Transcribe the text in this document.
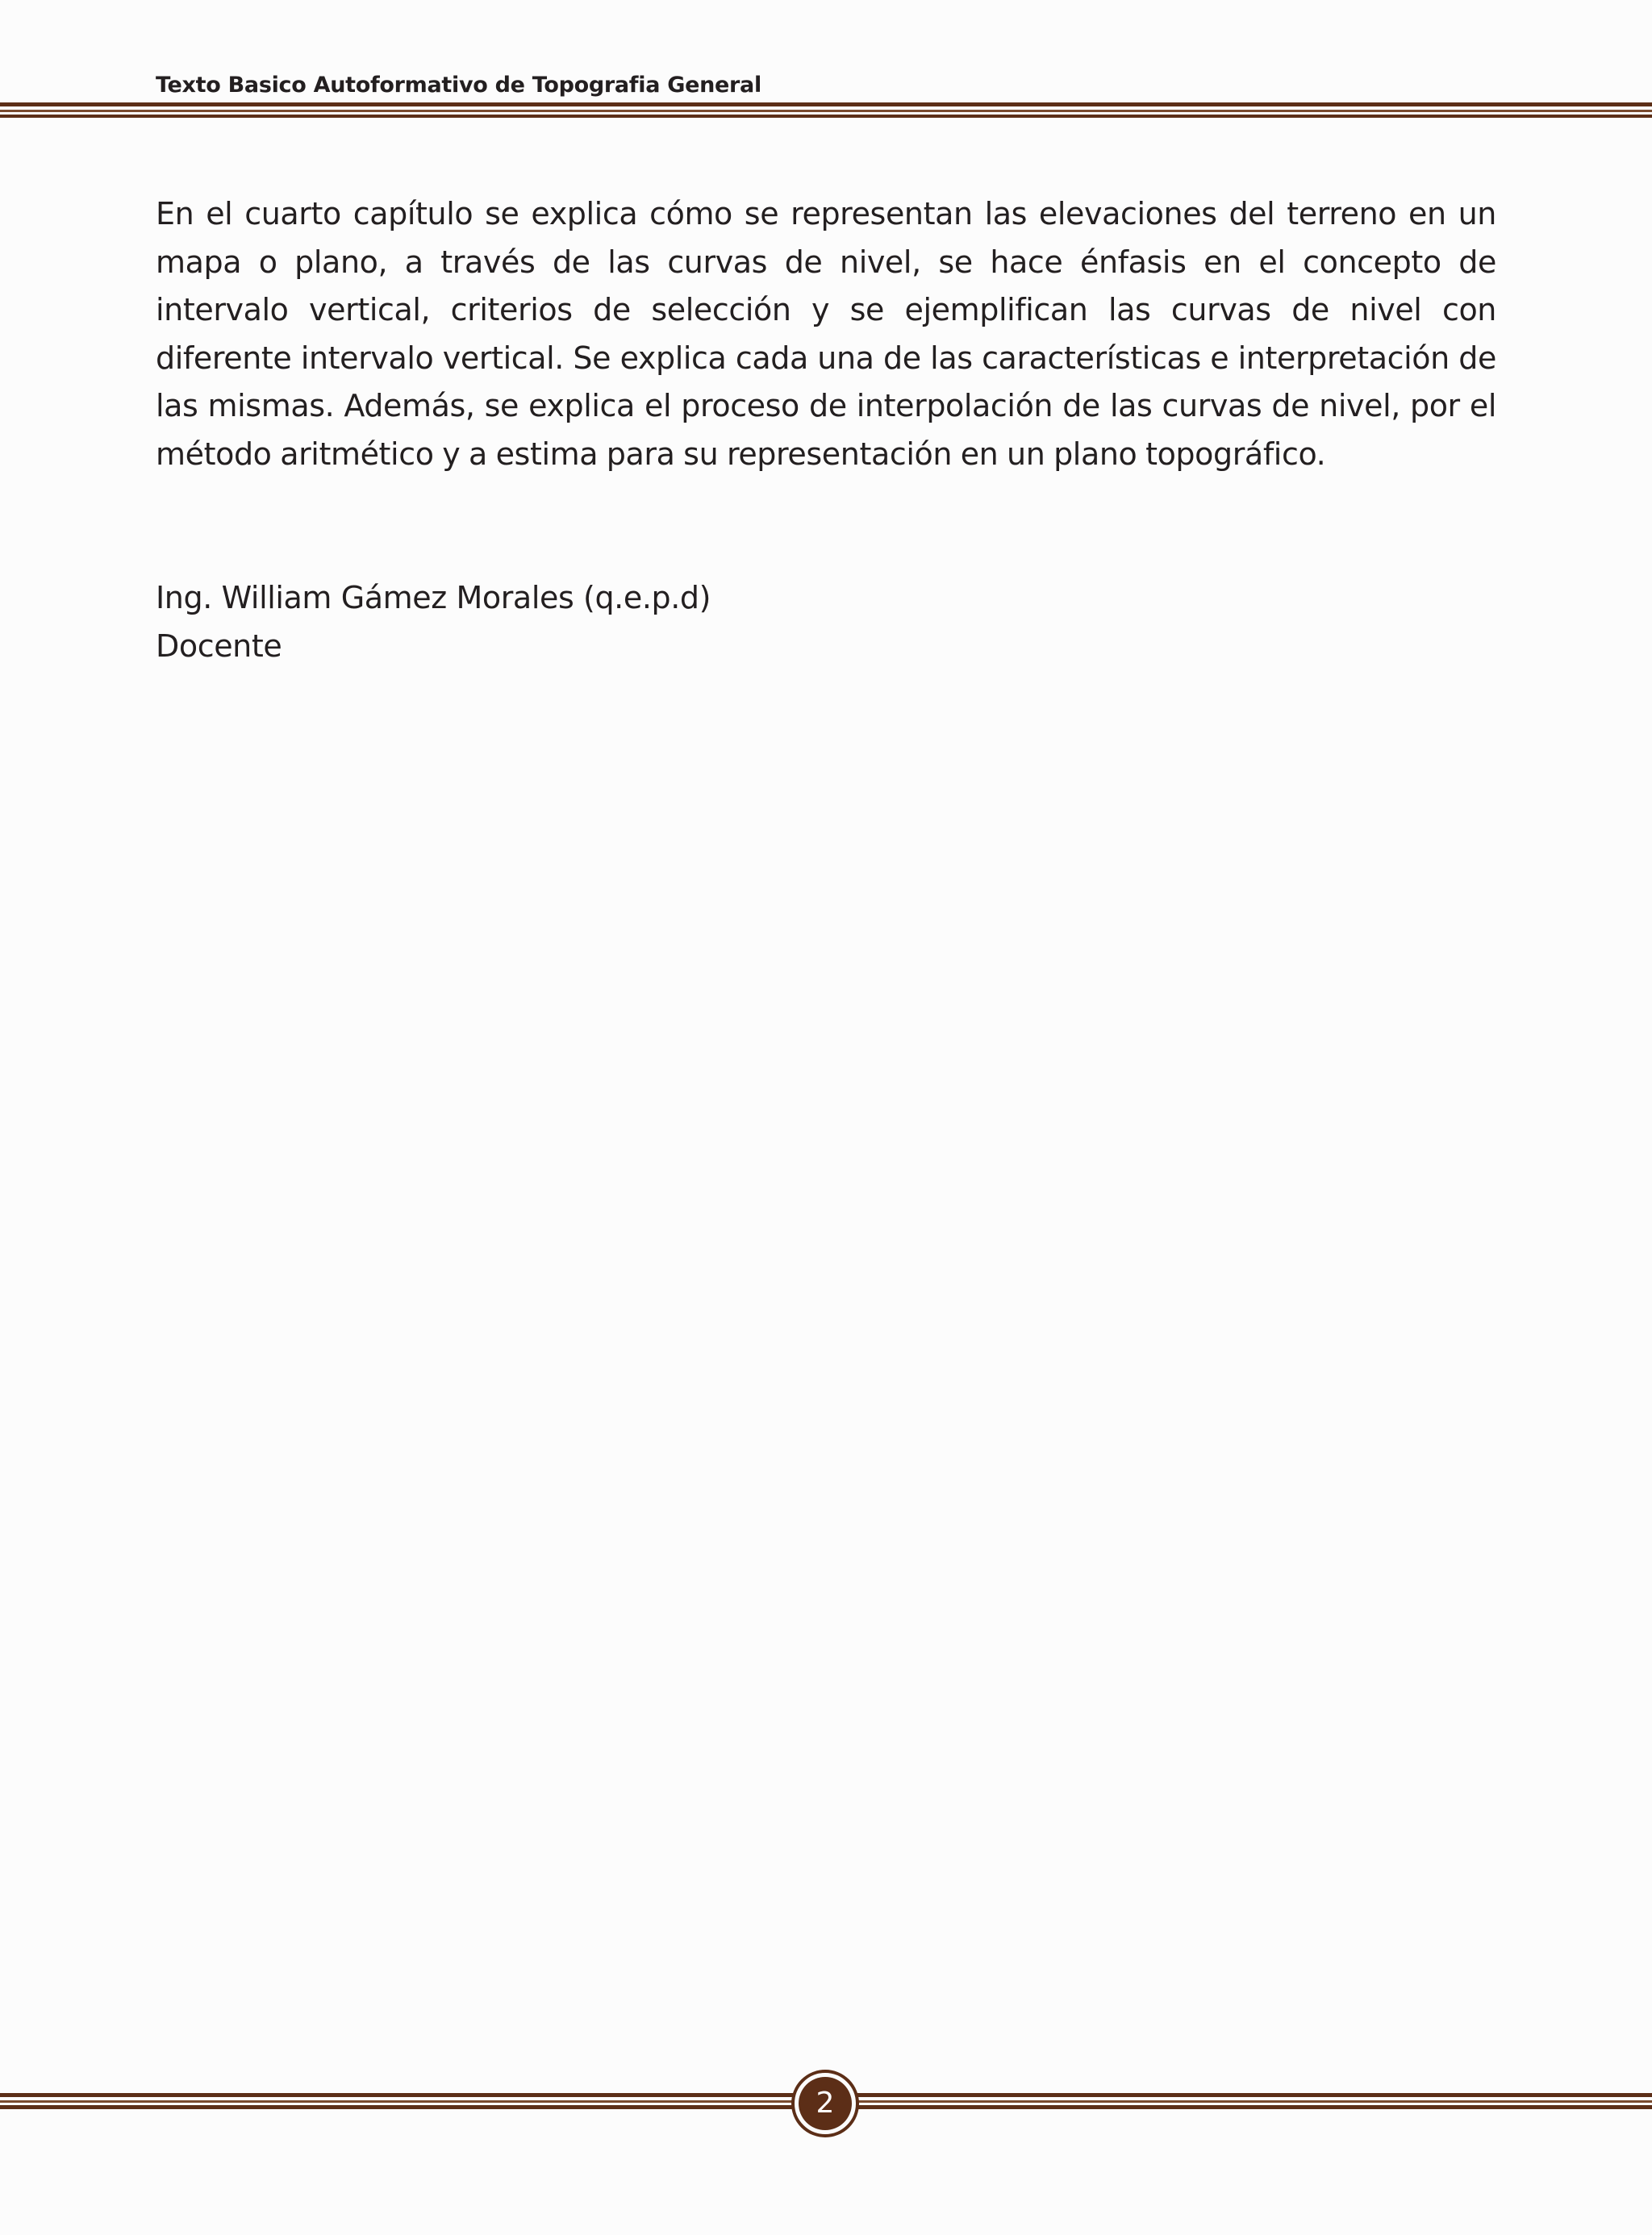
Texto Basico Autoformativo de Topografia General

En el cuarto capítulo se explica cómo se representan las elevaciones del terreno en un mapa o plano, a través de las curvas de nivel, se hace énfasis en el concepto de intervalo vertical, criterios de selección y se ejemplifican las curvas de nivel con diferente intervalo vertical. Se explica cada una de las características e interpretación de las mismas. Además, se explica el proceso de interpolación de las curvas de nivel, por el método aritmético y a estima para su representación en un plano topográfico.

Ing. William Gámez Morales (q.e.p.d)
Docente
2
